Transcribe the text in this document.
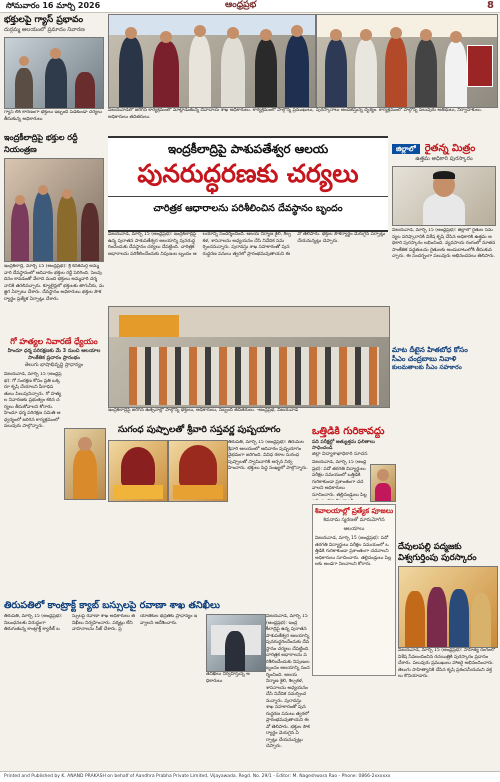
సోమవారం 16 మార్చి 2026	ఆంధ్రప్రభ	8
భక్తులపై గ్యాస్ ప్రభావం
దుర్గమ్మ ఆలయంలో ప్రమాదం నివారణ
గ్యాస్ లీక్ కారణంగా భక్తులు ఇబ్బంది పడకుండా చర్యలు తీసుకున్న అధికారులు
ఇంద్రకీలాద్రిపై భక్తుల రద్దీ నియంత్రణ
ఇంద్రకీలాద్రి, మార్చి 15 (ఆంధ్రప్రభ): శ్రీ కనకదుర్గ అమ్మవారి దేవస్థానంలో ఆదివారం భక్తుల రద్దీ పెరిగింది. సెలవు దినం కావడంతో వేలాది మంది భక్తులు అమ్మవారి దర్శనానికి తరలివచ్చారు. క్యూలైన్లలో భక్తులకు తాగునీరు, మజ్జిగ ఏర్పాటు చేశారు. దేవస్థానం అధికారులు భక్తుల సౌకర్యార్థం ప్రత్యేక ఏర్పాట్లు చేశారు.
గో హత్యల నివారణే ధ్యేయం
హిందూ ధర్మ పరిరక్షణకు మే 3 నుంచి ఆలయాల సాంకేతిక ప్రచారం ప్రారంభం
తెలుగు భాషాభివృద్ధి ప్రాధాన్యం
విజయవాడ, మార్చి 15 (ఆంధ్రప్రభ): గో సంరక్షణ కోసం ప్రతి ఒక్కరూ కృషి చేయాలని పీఠాధిపతులు పిలుపునిచ్చారు. గో హత్యల నివారణకు ప్రభుత్వం కఠిన చర్యలు తీసుకోవాలని కోరారు. హిందూ ధర్మ పరిరక్షణ సమితి ఆధ్వర్యంలో జరిగిన కార్యక్రమంలో పలువురు పాల్గొన్నారు.
విజయవాడలో జరిగిన కార్యక్రమంలో మాట్లాడుతున్న దేవాదాయ శాఖ అధికారులు. కార్యక్రమంలో పాల్గొన్న ప్రముఖులు, అధికారులు తదితరులు.
పురస్కారాలు అందజేస్తున్న దృశ్యం. కార్యక్రమంలో పాల్గొన్న పలువురు అతిథులు, నిర్వాహకులు.
ఇంద్రకీలాద్రిపై పాశుపతేశ్వర ఆలయ
పునరుద్ధరణకు చర్యలు
చారిత్రక ఆధారాలను పరిశీలించిన దేవస్థానం బృందం
జిల్లాలో రైతన్న మిత్రం
ఉత్తమ అధికారి పురస్కారం
విజయవాడ, మార్చి 15 (ఆంధ్రప్రభ): జిల్లాలో రైతుల సమస్యల పరిష్కారానికి విశేష కృషి చేసిన అధికారికి ఉత్తమ అధికారి పురస్కారం లభించింది. వ్యవసాయ రంగంలో నూతన సాంకేతిక పద్ధతులను రైతులకు అందుబాటులోకి తీసుకువచ్చారు. ఈ సందర్భంగా పలువురు అభినందనలు తెలిపారు.
మాట దీటైన హితబోధ కోసం
సీఎం చంద్రబాబు నివాళి
కులమతాలకు సీఎం సహకారం
విజయవాడ, మార్చి 15 (ఆంధ్రప్రభ): ఇంద్రకీలాద్రిపై ఉన్న పురాతన పాశుపతేశ్వర ఆలయాన్ని పునరుద్ధరించేందుకు దేవస్థానం చర్యలు చేపట్టింది. చారిత్రక ఆధారాలను పరిశీలించేందుకు నిపుణుల బృందం ఆలయాన్ని సందర్శించింది. ఆలయ నిర్మాణ శైలి, శిల్పకళ, శాసనాలను అధ్యయనం చేసి నివేదిక సమర్పించనున్నారు. పురావస్తు శాఖ సహకారంతో పునరుద్ధరణ పనులు త్వరలో ప్రారంభమవుతాయని ఈవో తెలిపారు. భక్తుల సౌకర్యార్థం మెరుగైన ఏర్పాట్లు చేయనున్నట్లు చెప్పారు.
ఇంద్రకీలాద్రిపై జరిగిన ఉత్సవాల్లో పాల్గొన్న భక్తులు, అధికారులు, సిబ్బంది తదితరులు. -ఆంధ్రప్రభ, విజయవాడ
సుగంధ పుష్పాలతో శ్రీవారి సప్తవర్ణ పుష్పయాగం	ఒత్తిడికి గురికావద్దు
దేవులపల్లి పద్మజకు విశ్వగుర్తింపు పురస్కారం
తిరుపతి, మార్చి 15 (ఆంధ్రప్రభ): తిరుమల శ్రీవారి ఆలయంలో ఆదివారం పుష్పయాగం వైభవంగా జరిగింది. వివిధ రకాల సుగంధ పుష్పాలతో స్వామివారికి అర్చన నిర్వహించారు. భక్తులు పెద్ద సంఖ్యలో పాల్గొన్నారు.
పది పరీక్షల్లో అత్యుత్తమ ఫలితాలు సాధించండి
జిల్లా విద్యాశాఖాధికారి సూచన
విజయవాడ, మార్చి 15 (ఆంధ్రప్రభ): పదో తరగతి విద్యార్థులు పరీక్షల సమయంలో ఒత్తిడికి గురికాకుండా ప్రశాంతంగా చదవాలని అధికారులు సూచించారు. తల్లిదండ్రులు పిల్ల
శివాలయాల్లో ప్రత్యేక పూజలు
శివనామ స్మరణతో మారుమోగిన ఆలయాలు
విజయవాడ, మార్చి 15 (ఆంధ్రప్రభ): పదో తరగతి విద్యార్థులు పరీక్షల సమయంలో ఒత్తిడికి గురికాకుండా ప్రశాంతంగా చదవాలని అధికారులు సూచించారు. తల్లిదండ్రులు పిల్లలకు అండగా నిలవాలని కోరారు.
తిరుపతిలో కాంట్రాక్ట్ క్యాబ్ బస్సులపై రవాణా శాఖ తనిఖీలు
తిరుపతి, మార్చి 15 (ఆంధ్రప్రభ): నిబంధనలకు విరుద్ధంగా తిరుగుతున్న కాంట్రాక్ట్ క్యారేజ్ బస్సులపై రవాణా శాఖ అధికారులు తనిఖీలు నిర్వహించారు. పర్మిట్లు లేని వాహనాలను సీజ్ చేశారు. ప్రయాణికుల భద్రతకు ప్రాధాన్యం ఇవ్వాలని ఆదేశించారు.
తనిఖీలు నిర్వహిస్తున్న అధికారులు
విజయవాడ, మార్చి 15 (ఆంధ్రప్రభ): ఇంద్రకీలాద్రిపై ఉన్న పురాతన పాశుపతేశ్వర ఆలయాన్ని పునరుద్ధరించేందుకు దేవస్థానం చర్యలు చేపట్టింది. చారిత్రక ఆధారాలను పరిశీలించేందుకు నిపుణుల బృందం ఆలయాన్ని సందర్శించింది. ఆలయ నిర్మాణ శైలి, శిల్పకళ, శాసనాలను అధ్యయనం చేసి నివేదిక సమర్పించనున్నారు. పురావస్తు శాఖ సహకారంతో పునరుద్ధరణ పనులు త్వరలో ప్రారంభమవుతాయని ఈవో తెలిపారు. భక్తుల సౌకర్యార్థం మెరుగైన ఏర్పాట్లు చేయనున్నట్లు చెప్పారు.
విజయవాడ, మార్చి 15 (ఆంధ్రప్రభ): సాహిత్య రంగంలో విశేష సేవలందించిన రచయిత్రికి పురస్కారం ప్రదానం చేశారు. పలువురు ప్రముఖులు హాజరై అభినందించారు. తెలుగు సాహిత్యానికి చేసిన కృషి ప్రశంసనీయమని వక్తలు కొనియాడారు.
Printed and Published by K. ANAND PRAKASH on behalf of Aandhra Prabha Private Limited, Vijayawada. Regd. No. 29/1 - Editor: M. Nageshwara Rao - Phone: 0866-2xxxxxx
